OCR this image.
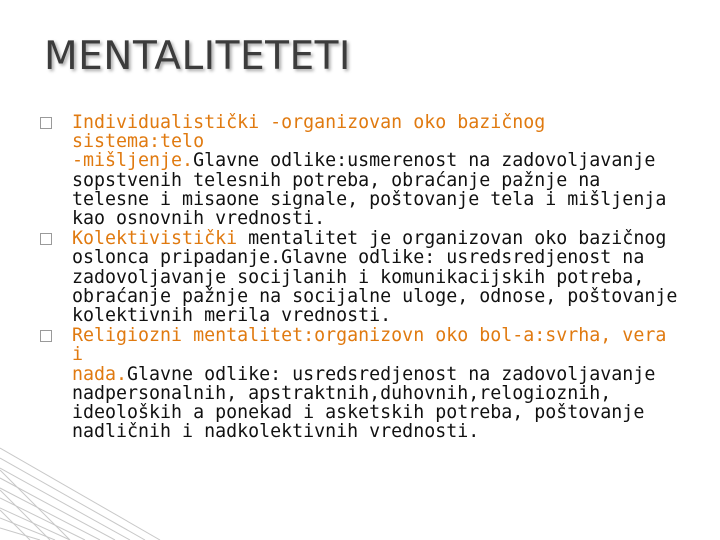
MENTALITETETI
Individualistički -organizovan oko bazičnog sistema:telo
-mišljenje.Glavne odlike:usmerenost na zadovoljavanje
sopstvenih telesnih potreba, obraćanje pažnje na
telesne i misaone signale, poštovanje tela i mišljenja
kao osnovnih vrednosti.
Kolektivistički mentalitet je organizovan oko bazičnog
oslonca pripadanje.Glavne odlike: usredsredjenost na
zadovoljavanje socijlanih i komunikacijskih potreba,
obraćanje pažnje na socijalne uloge, odnose, poštovanje
kolektivnih merila vrednosti.
Religiozni mentalitet:organizovn oko bol-a:svrha, vera i
nada.Glavne odlike: usredsredjenost na zadovoljavanje
nadpersonalnih, apstraktnih,duhovnih,relogioznih,
ideoloških a ponekad i asketskih potreba, poštovanje
nadličnih i nadkolektivnih vrednosti.
